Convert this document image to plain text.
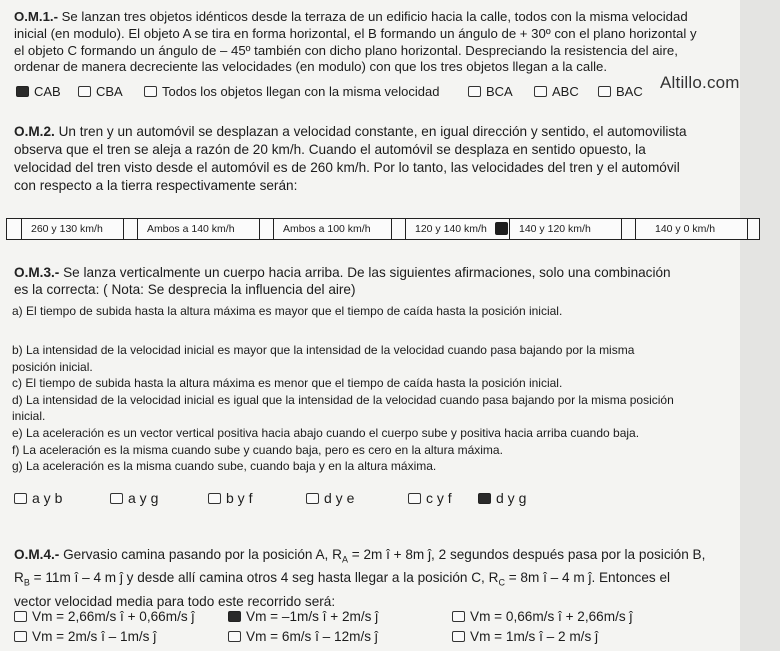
O.M.1.- Se lanzan tres objetos idénticos desde la terraza de un edificio hacia la calle, todos con la misma velocidad

inicial (en modulo). El objeto A se tira en forma horizontal, el B formando un ángulo de + 30º con el plano horizontal y

el objeto C formando un ángulo de – 45º también con dicho plano horizontal. Despreciando la resistencia del aire,

ordenar de manera decreciente las velocidades (en modulo) con que los tres objetos llegan a la calle.

Altillo.com
CAB	CBA	Todos los objetos llegan con la misma velocidad	BCA	ABC	BAC

O.M.2. Un tren y un automóvil se desplazan a velocidad constante, en igual dirección y sentido, el automovilista

observa que el tren se aleja a razón de 20 km/h. Cuando el automóvil se desplaza en sentido opuesto, la

velocidad del tren visto desde el automóvil es de 260 km/h. Por lo tanto, las velocidades del tren y el automóvil

con respecto a la tierra respectivamente serán:

260 y 130 km/h	Ambos a 140 km/h	Ambos a 100 km/h	120 y 140 km/h	140 y 120 km/h	140 y 0 km/h

O.M.3.- Se lanza verticalmente un cuerpo hacia arriba. De las siguientes afirmaciones, solo una combinación

es la correcta: ( Nota: Se desprecia la influencia del aire)

a) El tiempo de subida hasta la altura máxima es mayor que el tiempo de caída hasta la posición inicial.

b) La intensidad de la velocidad inicial es mayor que la intensidad de la velocidad cuando pasa bajando por la misma

posición inicial.

c) El tiempo de subida hasta la altura máxima es menor que el tiempo de caída hasta la posición inicial.

d) La intensidad de la velocidad inicial es igual que la intensidad de la velocidad cuando pasa bajando por la misma posición

inicial.

e) La aceleración es un vector vertical positiva hacia abajo cuando el cuerpo sube y positiva hacia arriba cuando baja.

f) La aceleración es la misma cuando sube y cuando baja, pero es cero en la altura máxima.

g) La aceleración es la misma cuando sube, cuando baja y en la altura máxima.

a y b	a y g	b y f	d y e	c y f	d y g

O.M.4.- Gervasio camina pasando por la posición A, $R_A = 2m$ î + 8m ĵ, 2 segundos después pasa por la posición B,

$R_B = 11m$ î – 4 m ĵ y desde allí camina otros 4 seg hasta llegar a la posición C, $R_C = 8m$ î – 4 m ĵ. Entonces el

vector velocidad media para todo este recorrido será:

Vm = 2,66m/s î + 0,66m/s ĵ	Vm = –1m/s î + 2m/s ĵ	Vm = 0,66m/s î + 2,66m/s ĵ
Vm = 2m/s î – 1m/s ĵ	Vm = 6m/s î – 12m/s ĵ	Vm = 1m/s î – 2 m/s ĵ
